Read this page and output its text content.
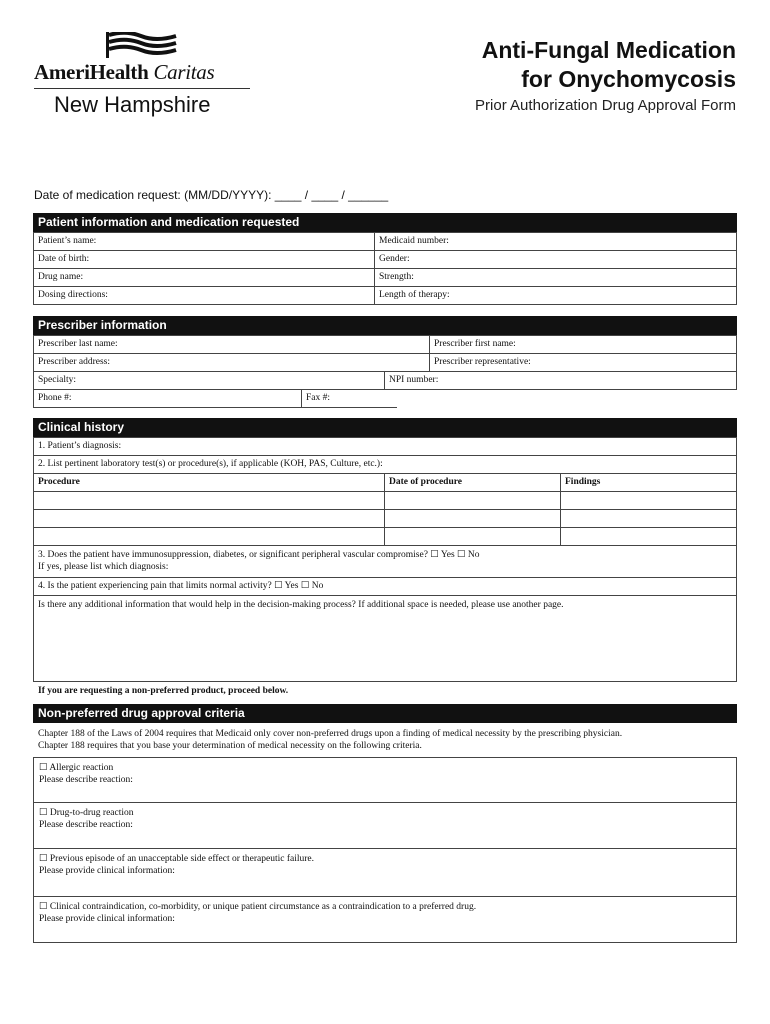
AmeriHealth Caritas
New Hampshire
Anti-Fungal Medication
for Onychomycosis
Prior Authorization Drug Approval Form
Date of medication request: (MM/DD/YYYY): ____ / ____ / ______
Patient information and medication requested
Patient’s name:	Medicaid number:
Date of birth:	Gender:
Drug name:	Strength:
Dosing directions:	Length of therapy:
Prescriber information
Prescriber last name:	Prescriber first name:
Prescriber address:	Prescriber representative:
Specialty:	NPI number:
Phone #:	Fax #:
Clinical history
1. Patient’s diagnosis:
2. List pertinent laboratory test(s) or procedure(s), if applicable (KOH, PAS, Culture, etc.):
Procedure	Date of procedure	Findings
3. Does the patient have immunosuppression, diabetes, or significant peripheral vascular compromise? ☐ Yes ☐ No
If yes, please list which diagnosis:
4. Is the patient experiencing pain that limits normal activity? ☐ Yes ☐ No
Is there any additional information that would help in the decision-making process? If additional space is needed, please use another page.
If you are requesting a non-preferred product, proceed below.
Non-preferred drug approval criteria
Chapter 188 of the Laws of 2004 requires that Medicaid only cover non-preferred drugs upon a finding of medical necessity by the prescribing physician.
Chapter 188 requires that you base your determination of medical necessity on the following criteria.
☐ Allergic reaction
Please describe reaction:
☐ Drug-to-drug reaction
Please describe reaction:
☐ Previous episode of an unacceptable side effect or therapeutic failure.
Please provide clinical information:
☐ Clinical contraindication, co-morbidity, or unique patient circumstance as a contraindication to a preferred drug.
Please provide clinical information:
